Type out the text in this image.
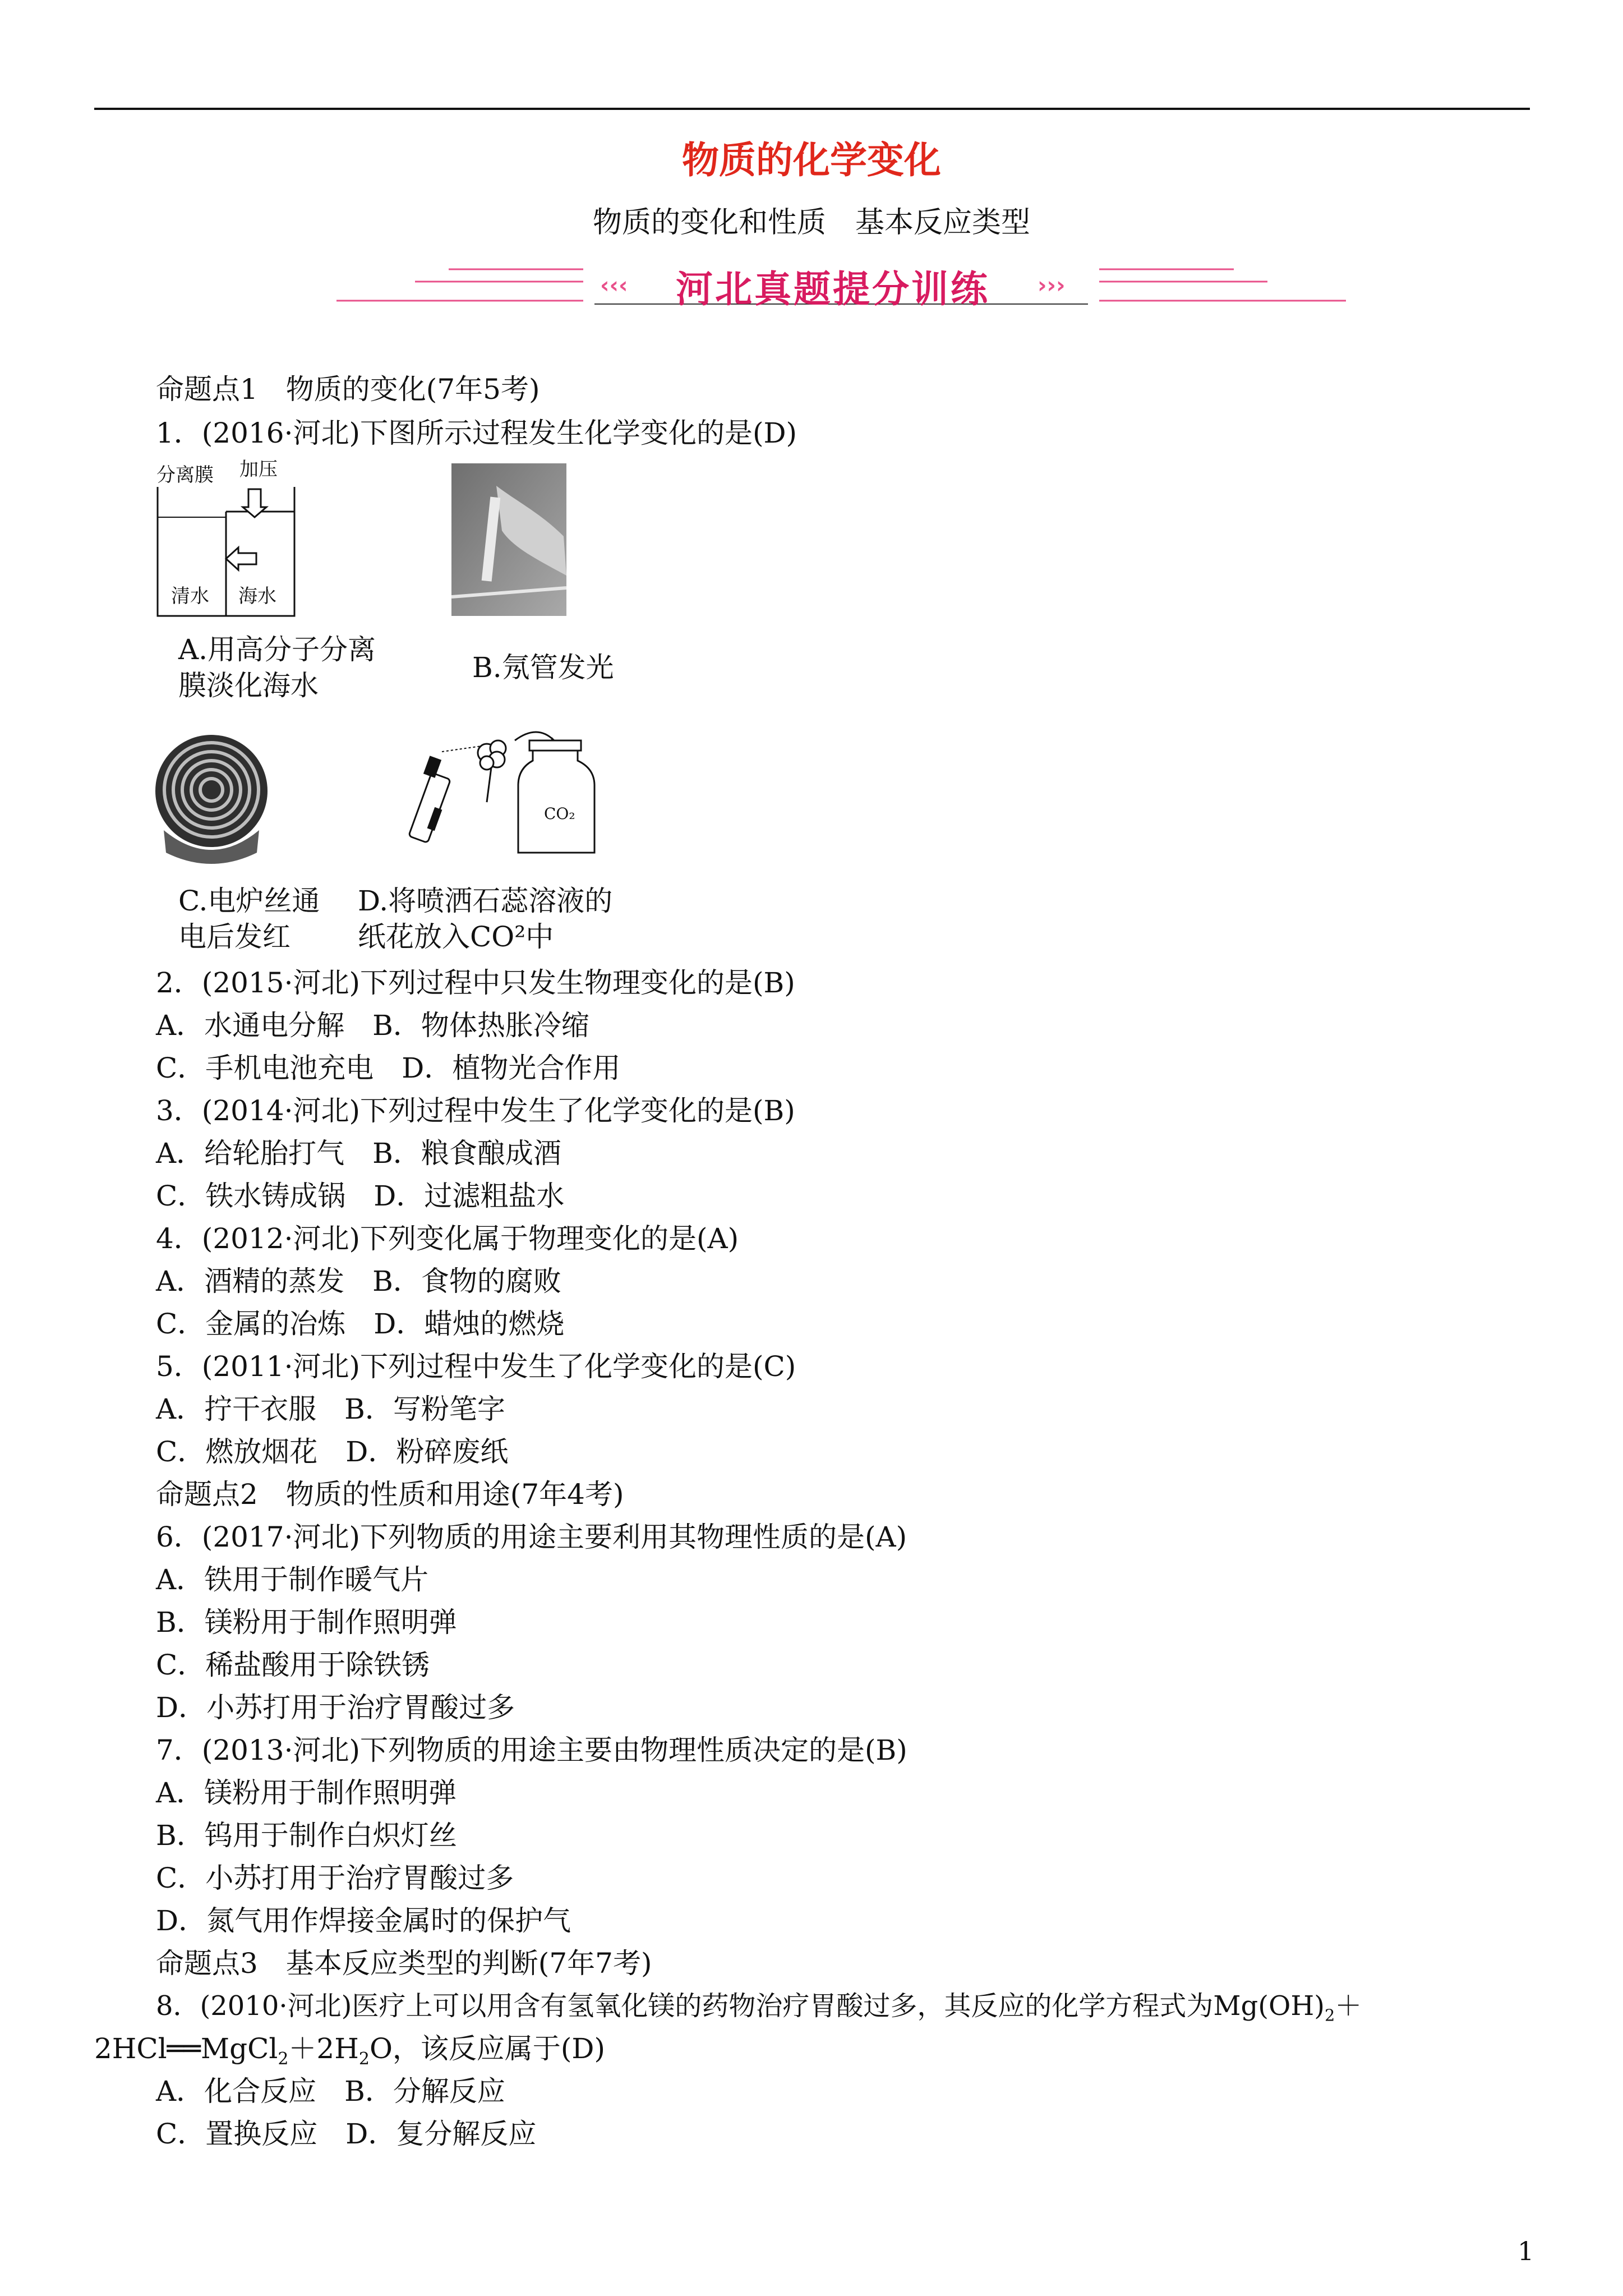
物质的化学变化
物质的变化和性质　基本反应类型
‹‹‹	›››
河北真题提分训练
命题点1　物质的变化(7年5考)
1．(2016·河北)下图所示过程发生化学变化的是(D)
分离膜 加压
清水 海水
A.用高分子分离
膜淡化海水
B.氖管发光
CO₂
C.电炉丝通
电后发红
D.将喷洒石蕊溶液的
纸花放入CO²中
2．(2015·河北)下列过程中只发生物理变化的是(B)
A．水通电分解　B．物体热胀冷缩
C．手机电池充电　D．植物光合作用
3．(2014·河北)下列过程中发生了化学变化的是(B)
A．给轮胎打气　B．粮食酿成酒
C．铁水铸成锅　D．过滤粗盐水
4．(2012·河北)下列变化属于物理变化的是(A)
A．酒精的蒸发　B．食物的腐败
C．金属的冶炼　D．蜡烛的燃烧
5．(2011·河北)下列过程中发生了化学变化的是(C)
A．拧干衣服　B．写粉笔字
C．燃放烟花　D．粉碎废纸
命题点2　物质的性质和用途(7年4考)
6．(2017·河北)下列物质的用途主要利用其物理性质的是(A)
A．铁用于制作暖气片
B．镁粉用于制作照明弹
C．稀盐酸用于除铁锈
D．小苏打用于治疗胃酸过多
7．(2013·河北)下列物质的用途主要由物理性质决定的是(B)
A．镁粉用于制作照明弹
B．钨用于制作白炽灯丝
C．小苏打用于治疗胃酸过多
D．氮气用作焊接金属时的保护气
命题点3　基本反应类型的判断(7年7考)
8．(2010·河北)医疗上可以用含有氢氧化镁的药物治疗胃酸过多，其反应的化学方程式为$Mg(OH)_2+$
$2HCl══MgCl_2+2H_2O$，该反应属于(D)
A．化合反应　B．分解反应
C．置换反应　D．复分解反应
1
